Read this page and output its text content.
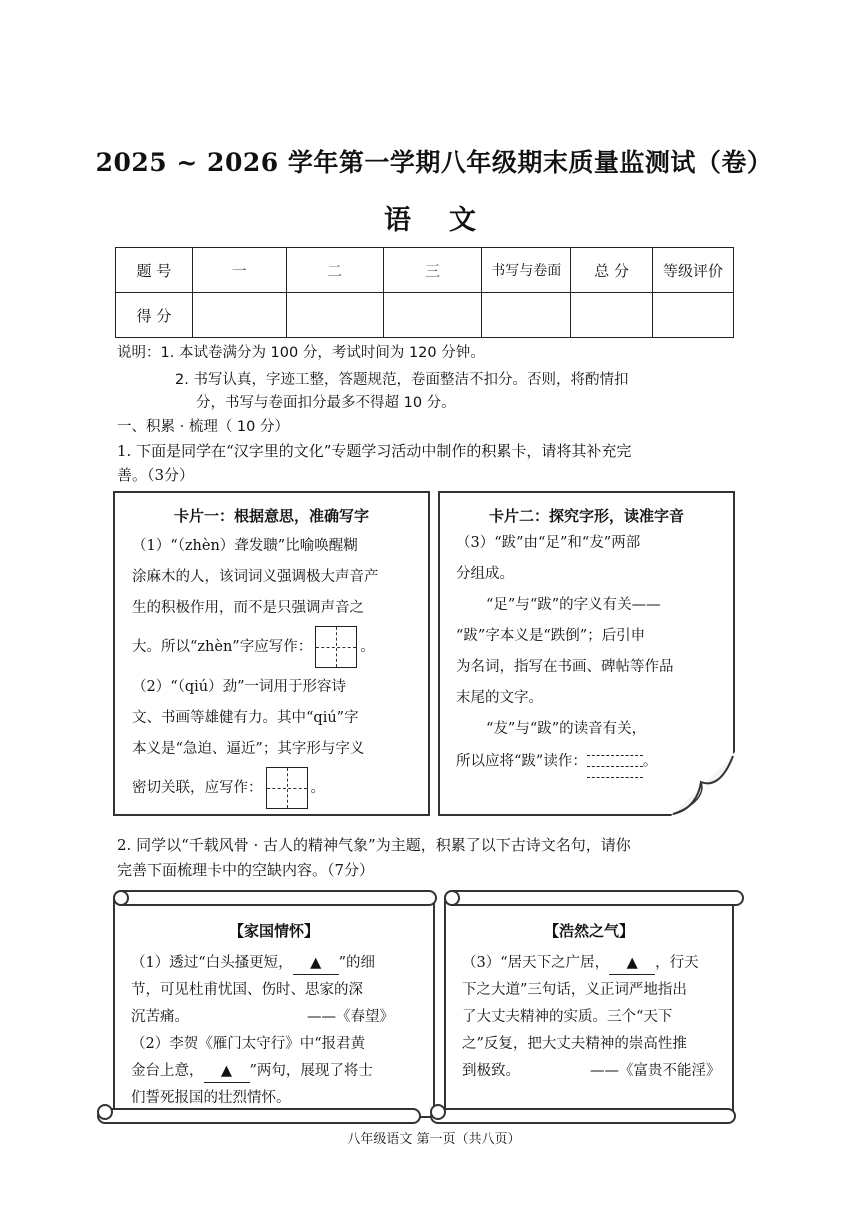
2025 ~ 2026 学年第一学期八年级期末质量监测试（卷）
语文
题 号	一	二	三	书写与卷面	总 分	等级评价
得 分						
说明：1. 本试卷满分为 100 分，考试时间为 120 分钟。
2. 书写认真，字迹工整，答题规范，卷面整洁不扣分。否则，将酌情扣
分，书写与卷面扣分最多不得超 10 分。
一、积累 · 梳理（ 10 分）
1. 下面是同学在“汉字里的文化”专题学习活动中制作的积累卡，请将其补充完
善。（3分）
卡片一：根据意思，准确写字
（1）“（zhèn）聋发聩”比喻唤醒糊
涂麻木的人，该词词义强调极大声音产
生的积极作用，而不是只强调声音之
大。所以“zhèn”字应写作：	。
（2）“（qiú）劲”一词用于形容诗
文、书画等雄健有力。其中“qiú”字
本义是“急迫、逼近”；其字形与字义
密切关联，应写作：	。
卡片二：探究字形，读准字音
（3）“跋”由“足”和“犮”两部
分组成。
“足”与“跋”的字义有关——
“跋”字本义是“跌倒”；后引申
为名词，指写在书画、碑帖等作品
末尾的文字。
“犮”与“跋”的读音有关，
所以应将“跋”读作：	。
2. 同学以“千载风骨 · 古人的精神气象”为主题，积累了以下古诗文名句，请你
完善下面梳理卡中的空缺内容。（7分）
【家国情怀】
（1）透过“白头搔更短， ▲ ”的细
节，可见杜甫忧国、伤时、思家的深
沉苦痛。	——《春望》
（2）李贺《雁门太守行》中“报君黄
金台上意， ▲ ”两句，展现了将士
们誓死报国的壮烈情怀。
【浩然之气】
（3）“居天下之广居， ▲ ，行天
下之大道”三句话，义正词严地指出
了大丈夫精神的实质。三个“天下
之”反复，把大丈夫精神的崇高性推
到极致。	——《富贵不能淫》
八年级语文 第一页（共八页）
